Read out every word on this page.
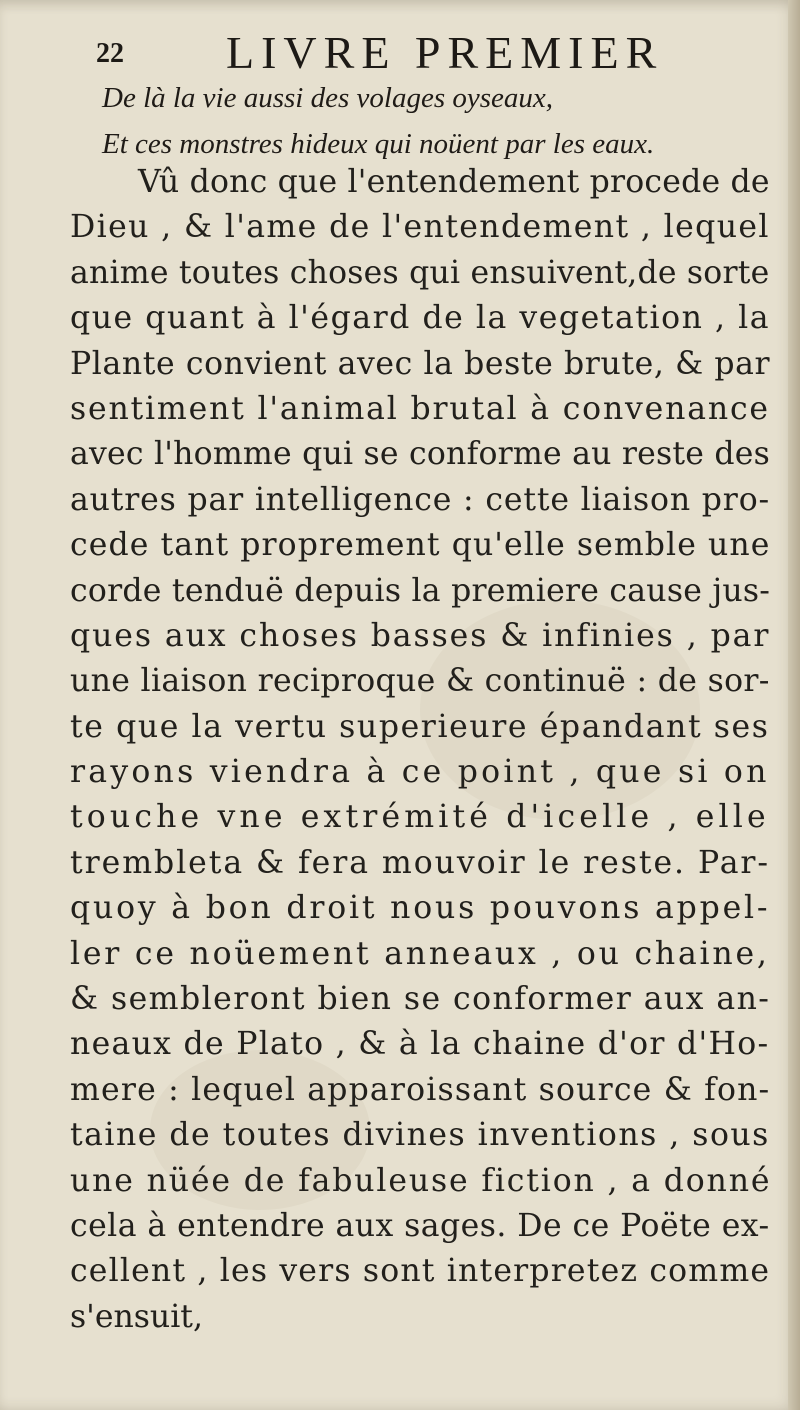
22 LIVRE PREMIER
De là la vie aussi des volages oyseaux,
Et ces monstres hideux qui noüent par les eaux.
Vû donc que l'entendement procede de
Dieu , & l'ame de l'entendement , lequel
anime toutes choses qui ensuivent,de sorte
que quant à l'égard de la vegetation , la
Plante convient avec la beste brute, & par
sentiment l'animal brutal à convenance
avec l'homme qui se conforme au reste des
autres par intelligence : cette liaison pro-
cede tant proprement qu'elle semble une
corde tenduë depuis la premiere cause jus-
ques aux choses basses & infinies , par
une liaison reciproque & continuë : de sor-
te que la vertu superieure épandant ses
rayons viendra à ce point , que si on
touche vne extrémité d'icelle , elle
trembleta & fera mouvoir le reste. Par-
quoy à bon droit nous pouvons appel-
ler ce noüement anneaux , ou chaine,
& sembleront bien se conformer aux an-
neaux de Plato , & à la chaine d'or d'Ho-
mere : lequel apparoissant source & fon-
taine de toutes divines inventions , sous
une nüée de fabuleuse fiction , a donné
cela à entendre aux sages. De ce Poëte ex-
cellent , les vers sont interpretez comme
s'ensuit,
